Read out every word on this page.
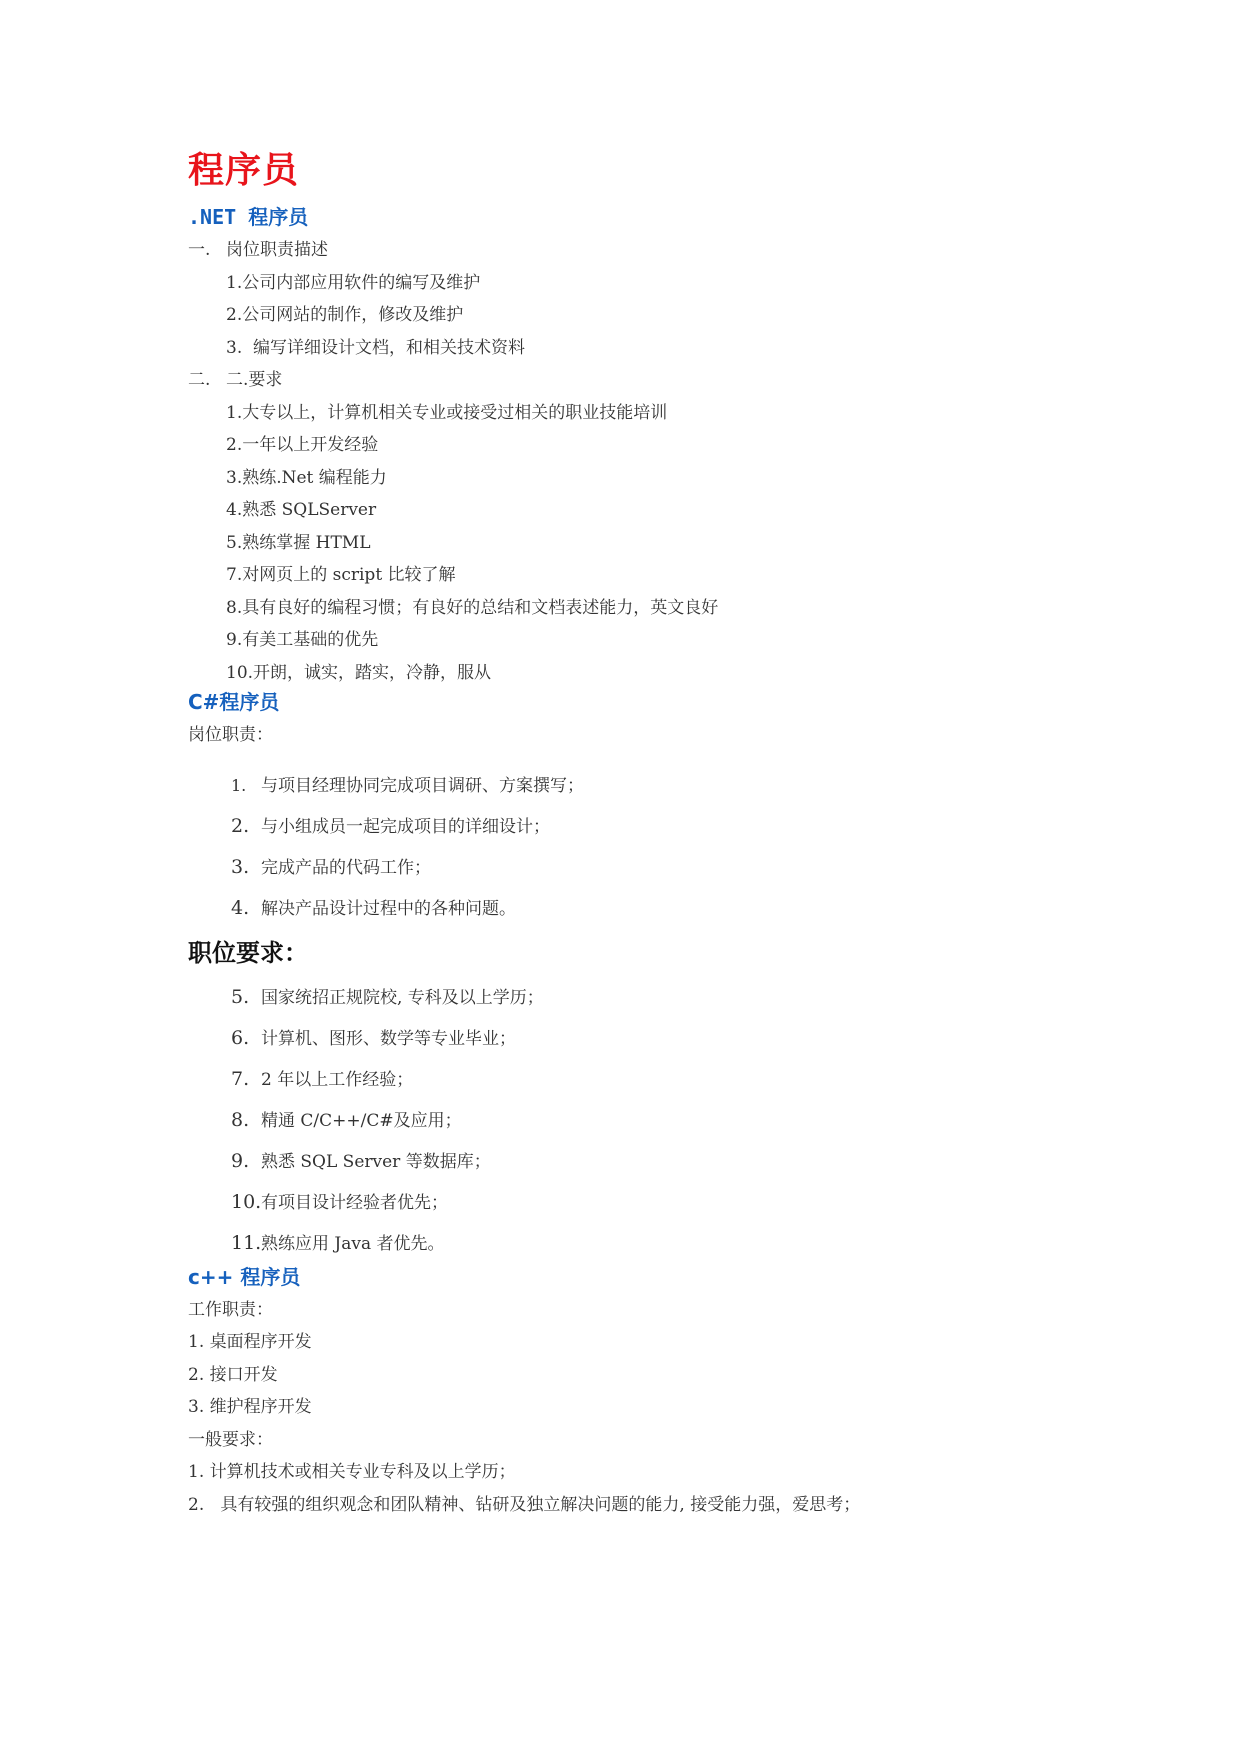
程序员
.NET 程序员
一. 岗位职责描述
1.公司内部应用软件的编写及维护
2.公司网站的制作，修改及维护
3.  编写详细设计文档，和相关技术资料
二. 二.要求
1.大专以上，计算机相关专业或接受过相关的职业技能培训
2.一年以上开发经验
3.熟练.Net 编程能力
4.熟悉 SQLServer
5.熟练掌握 HTML
7.对网页上的 script 比较了解
8.具有良好的编程习惯；有良好的总结和文档表述能力，英文良好
9.有美工基础的优先
10.开朗，诚实，踏实，冷静，服从
C#程序员
岗位职责：
1. 与项目经理协同完成项目调研、方案撰写；
2. 与小组成员一起完成项目的详细设计；
3. 完成产品的代码工作；
4. 解决产品设计过程中的各种问题。
职位要求：
5. 国家统招正规院校, 专科及以上学历；
6. 计算机、图形、数学等专业毕业；
7. 2 年以上工作经验；
8. 精通 C/C++/C#及应用；
9. 熟悉 SQL Server 等数据库；
10.有项目设计经验者优先；
11.熟练应用 Java 者优先。
c++ 程序员
工作职责：
1. 桌面程序开发
2. 接口开发
3. 维护程序开发
一般要求：
1. 计算机技术或相关专业专科及以上学历；
2.   具有较强的组织观念和团队精神、钻研及独立解决问题的能力, 接受能力强，爱思考；
